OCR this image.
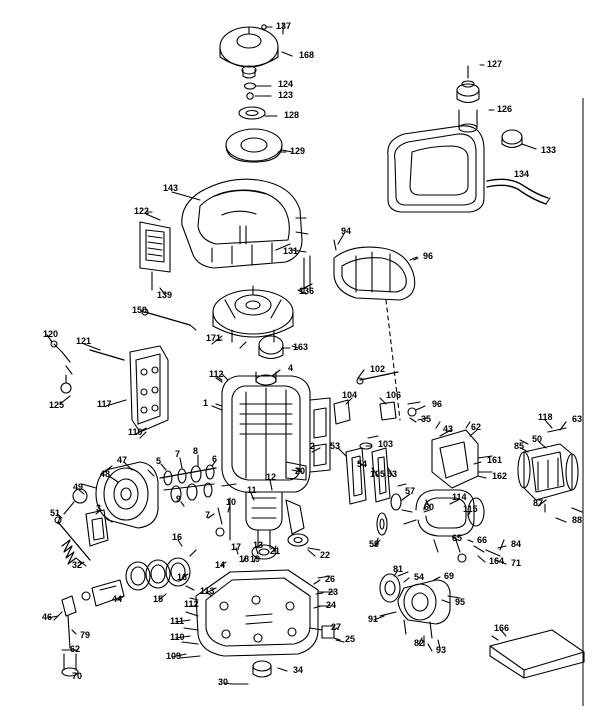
137
168
124
123
128
129
127
126
133
134
143
122
131
94
96
136
139
150
171
163
120
121
125	117
119
112
4
1
102
104	106
96
35
103
2 53
43 62
118 63
85
50
161
162
54
105 53
20
47
48
5
7 8
6
57
114
115
87
88
49
51	3
9
7
10
11
12
60
59
65
84
71
164
66
32
16
17 13
21	22
18 19
14
16
15
113
112
111
110
109
44
46
79
62
70
30
34
26
23
24
27
25
81
54 69
91
82
93
95
166
